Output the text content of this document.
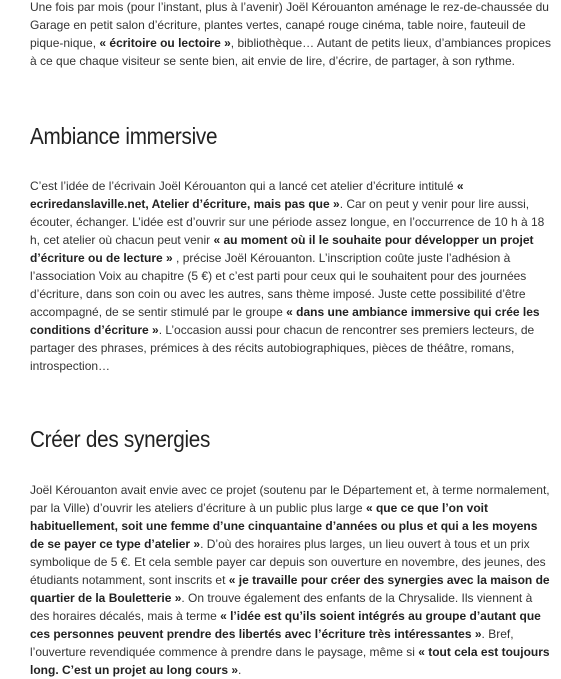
Une fois par mois (pour l’instant, plus à l’avenir) Joël Kérouanton aménage le rez-de-chaussée du Garage en petit salon d’écriture, plantes vertes, canapé rouge cinéma, table noire, fauteuil de pique-nique, « écritoire ou lectoire », bibliothèque… Autant de petits lieux, d’ambiances propices à ce que chaque visiteur se sente bien, ait envie de lire, d’écrire, de partager, à son rythme.

Ambiance immersive

C’est l’idée de l’écrivain Joël Kérouanton qui a lancé cet atelier d’écriture intitulé « ecriredanslaville.net, Atelier d’écriture, mais pas que ». Car on peut y venir pour lire aussi, écouter, échanger. L’idée est d’ouvrir sur une période assez longue, en l’occurrence de 10 h à 18 h, cet atelier où chacun peut venir « au moment où il le souhaite pour développer un projet d’écriture ou de lecture » , précise Joël Kérouanton. L’inscription coûte juste l’adhésion à l’association Voix au chapitre (5 €) et c’est parti pour ceux qui le souhaitent pour des journées d’écriture, dans son coin ou avec les autres, sans thème imposé. Juste cette possibilité d’être accompagné, de se sentir stimulé par le groupe « dans une ambiance immersive qui crée les conditions d’écriture ». L’occasion aussi pour chacun de rencontrer ses premiers lecteurs, de partager des phrases, prémices à des récits autobiographiques, pièces de théâtre, romans, introspection…

Créer des synergies

Joël Kérouanton avait envie avec ce projet (soutenu par le Département et, à terme normalement, par la Ville) d’ouvrir les ateliers d’écriture à un public plus large « que ce que l’on voit habituellement, soit une femme d’une cinquantaine d’années ou plus et qui a les moyens de se payer ce type d’atelier ». D’où des horaires plus larges, un lieu ouvert à tous et un prix symbolique de 5 €. Et cela semble payer car depuis son ouverture en novembre, des jeunes, des étudiants notamment, sont inscrits et « je travaille pour créer des synergies avec la maison de quartier de la Bouletterie ». On trouve également des enfants de la Chrysalide. Ils viennent à des horaires décalés, mais à terme « l’idée est qu’ils soient intégrés au groupe d’autant que ces personnes peuvent prendre des libertés avec l’écriture très intéressantes ». Bref, l’ouverture revendiquée commence à prendre dans le paysage, même si « tout cela est toujours long. C’est un projet au long cours ».
